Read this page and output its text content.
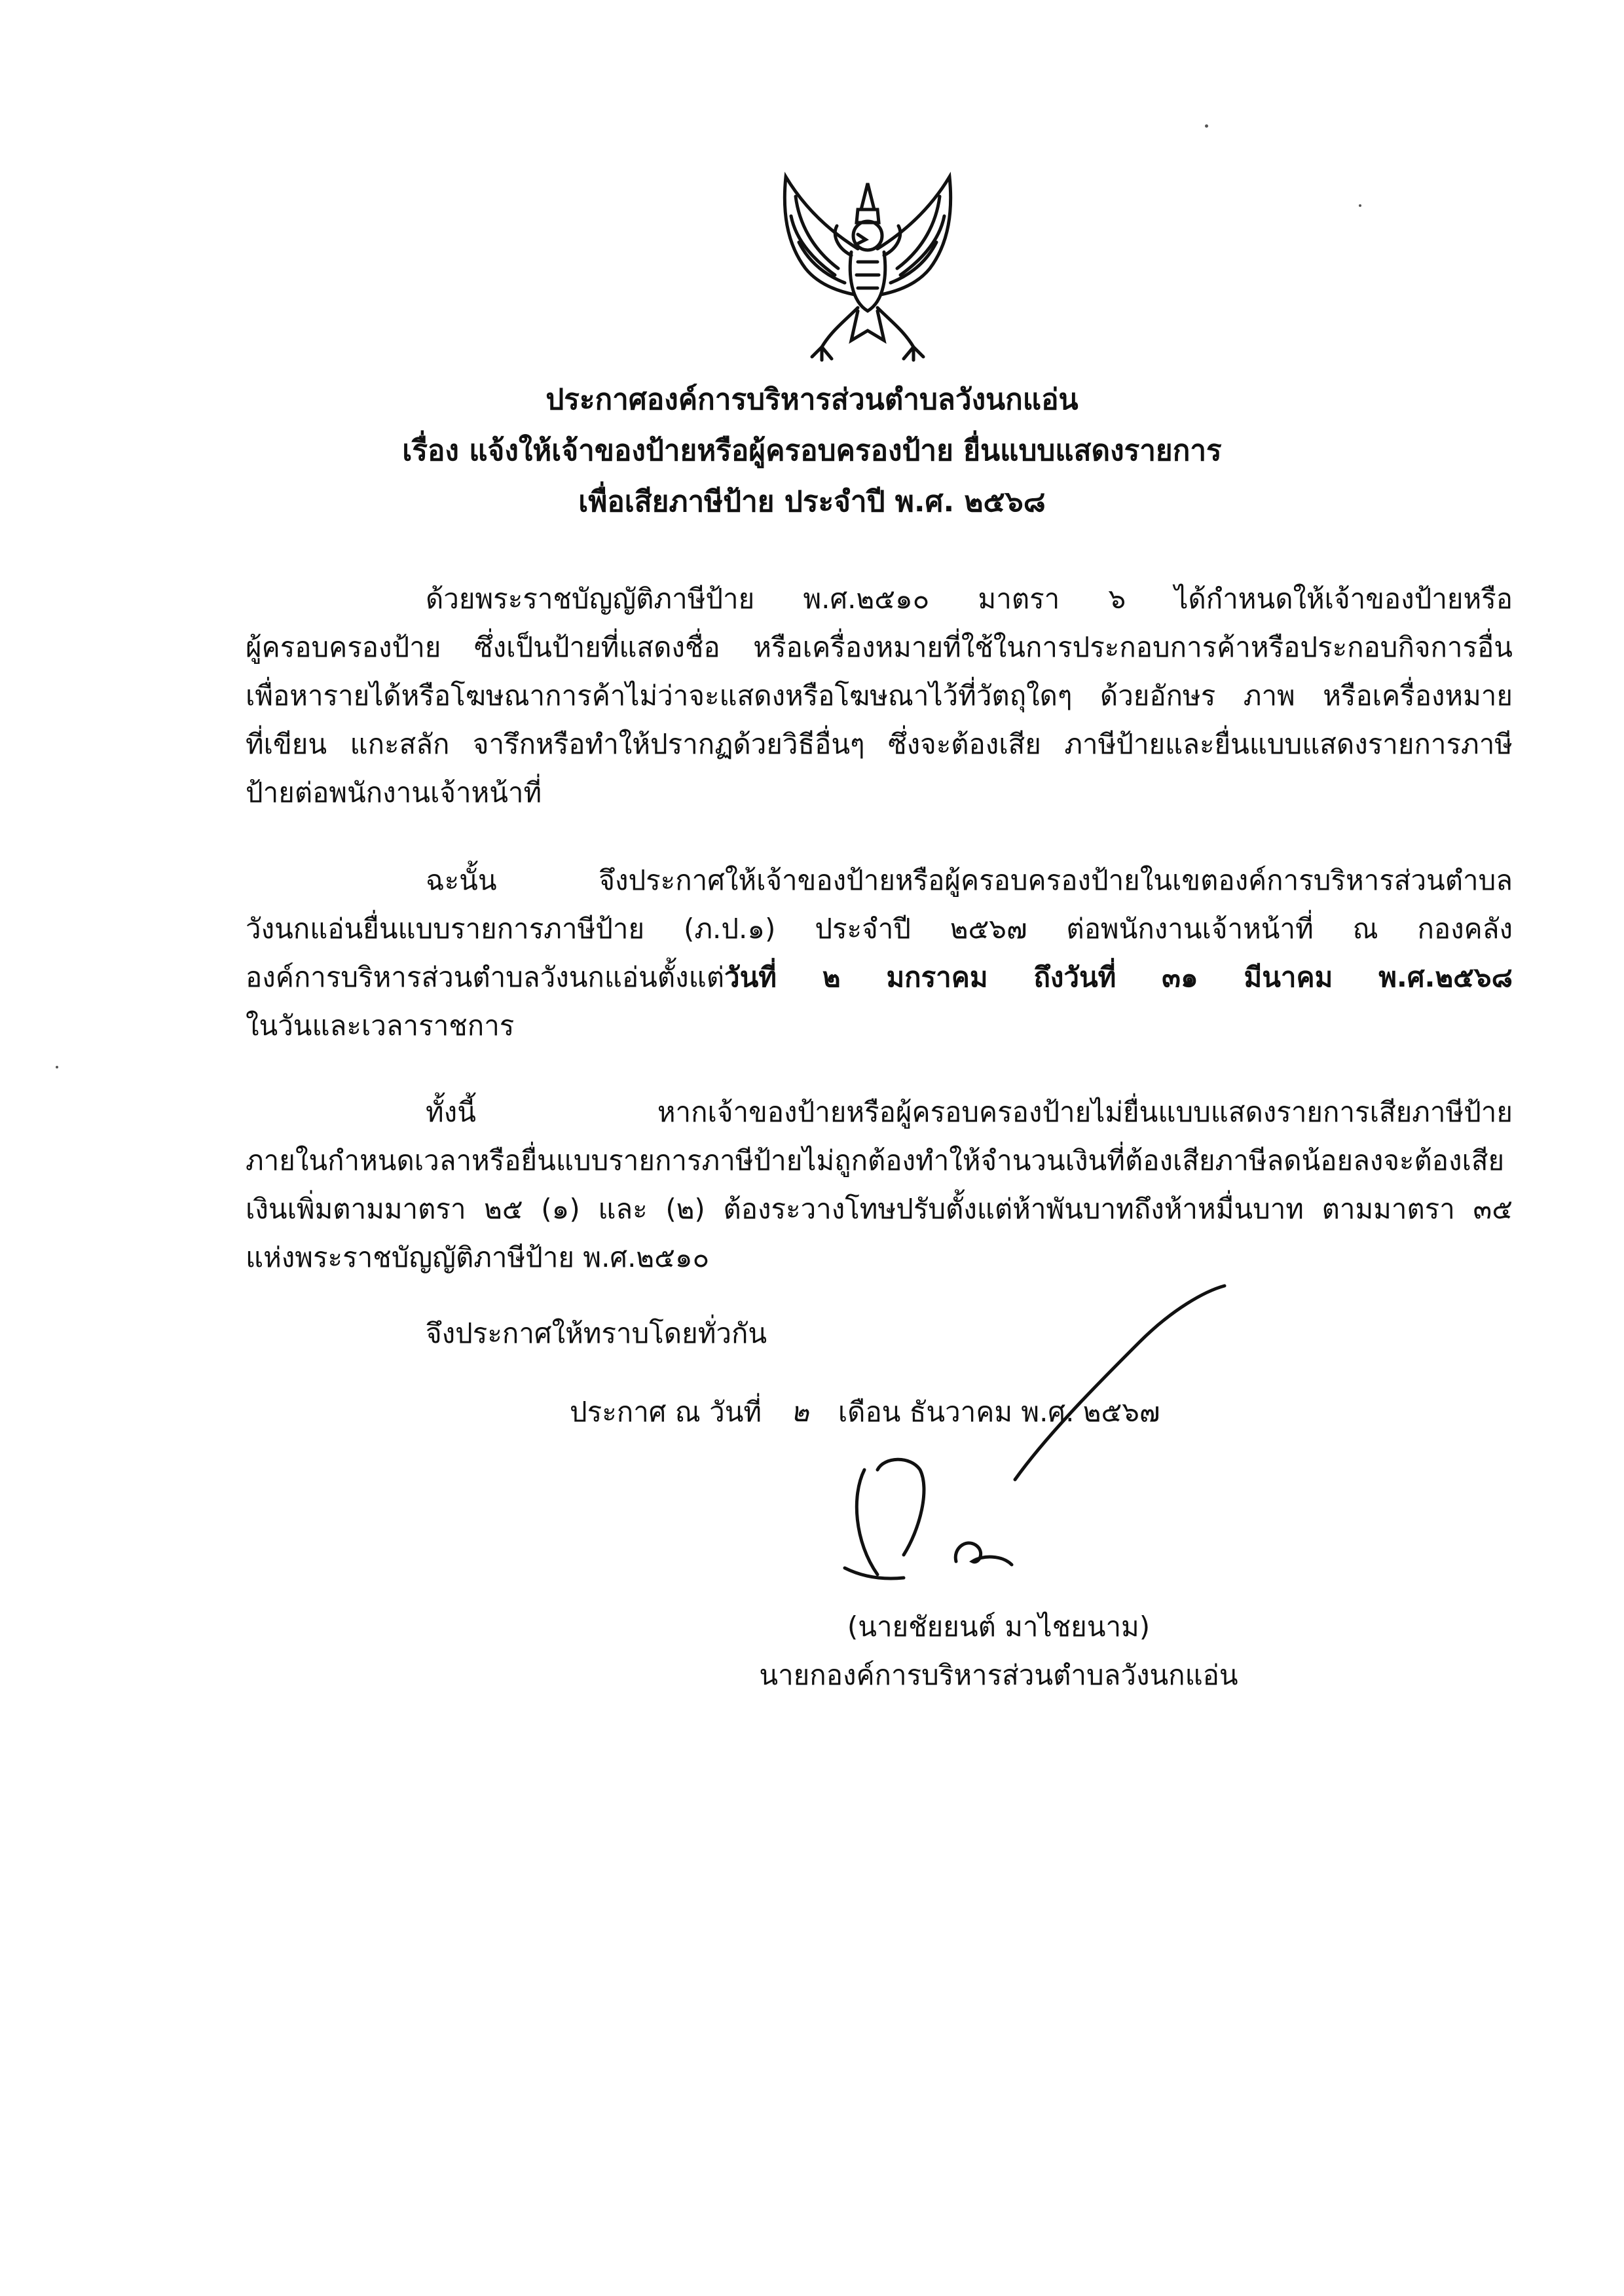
ประกาศองค์การบริหารส่วนตำบลวังนกแอ่น
เรื่อง แจ้งให้เจ้าของป้ายหรือผู้ครอบครองป้าย ยื่นแบบแสดงรายการ
เพื่อเสียภาษีป้าย ประจำปี พ.ศ. ๒๕๖๘
ด้วยพระราชบัญญัติภาษีป้าย พ.ศ.๒๕๑๐ มาตรา ๖ ได้กำหนดให้เจ้าของป้ายหรือ
ผู้ครอบครองป้าย ซึ่งเป็นป้ายที่แสดงชื่อ หรือเครื่องหมายที่ใช้ในการประกอบการค้าหรือประกอบกิจการอื่น
เพื่อหารายได้หรือโฆษณาการค้าไม่ว่าจะแสดงหรือโฆษณาไว้ที่วัตถุใดๆ ด้วยอักษร ภาพ หรือเครื่องหมาย
ที่เขียน แกะสลัก จารึกหรือทำให้ปรากฏด้วยวิธีอื่นๆ ซึ่งจะต้องเสีย ภาษีป้ายและยื่นแบบแสดงรายการภาษี
ป้ายต่อพนักงานเจ้าหน้าที่
ฉะนั้น จึงประกาศให้เจ้าของป้ายหรือผู้ครอบครองป้ายในเขตองค์การบริหารส่วนตำบล
วังนกแอ่นยื่นแบบรายการภาษีป้าย (ภ.ป.๑) ประจำปี ๒๕๖๗ ต่อพนักงานเจ้าหน้าที่ ณ กองคลัง
องค์การบริหารส่วนตำบลวังนกแอ่นตั้งแต่วันที่ ๒ มกราคม ถึงวันที่ ๓๑ มีนาคม พ.ศ.๒๕๖๘
ในวันและเวลาราชการ
ทั้งนี้ หากเจ้าของป้ายหรือผู้ครอบครองป้ายไม่ยื่นแบบแสดงรายการเสียภาษีป้าย
ภายในกำหนดเวลาหรือยื่นแบบรายการภาษีป้ายไม่ถูกต้องทำให้จำนวนเงินที่ต้องเสียภาษีลดน้อยลงจะต้องเสีย
เงินเพิ่มตามมาตรา ๒๕ (๑) และ (๒) ต้องระวางโทษปรับตั้งแต่ห้าพันบาทถึงห้าหมื่นบาท ตามมาตรา ๓๕
แห่งพระราชบัญญัติภาษีป้าย พ.ศ.๒๕๑๐
จึงประกาศให้ทราบโดยทั่วกัน
ประกาศ ณ วันที่ ๒ เดือน ธันวาคม พ.ศ. ๒๕๖๗
(นายชัยยนต์ มาไชยนาม)
นายกองค์การบริหารส่วนตำบลวังนกแอ่น
